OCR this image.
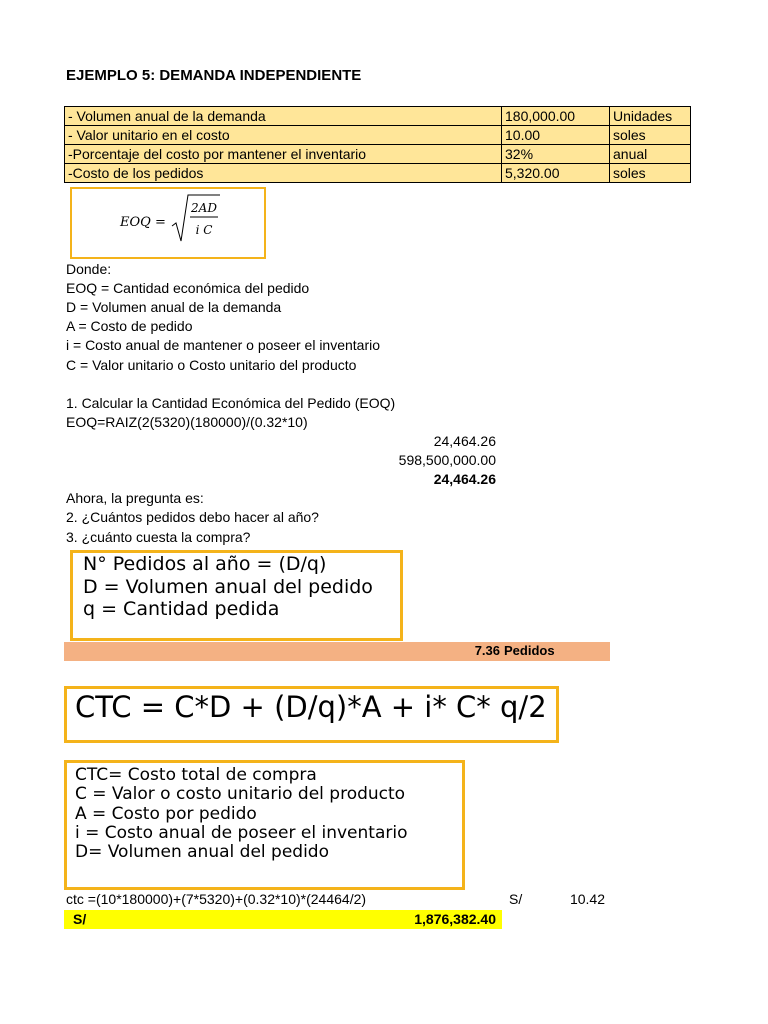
EJEMPLO 5: DEMANDA INDEPENDIENTE
- Volumen anual de la demanda	180,000.00	Unidades
- Valor unitario en el costo	10.00	soles
-Porcentaje del costo por mantener el inventario	32%	anual
-Costo de los pedidos	5,320.00	soles
EOQ =
2AD
i C
Donde:
EOQ = Cantidad económica del pedido
D = Volumen anual de la demanda
A = Costo de pedido
i = Costo anual de mantener o poseer el inventario
C = Valor unitario o Costo unitario del producto
1. Calcular la Cantidad Económica del Pedido (EOQ)
EOQ=RAIZ(2(5320)(180000)/(0.32*10)
24,464.26
598,500,000.00
24,464.26
Ahora, la pregunta es:
2. ¿Cuántos pedidos debo hacer al año?
3. ¿cuánto cuesta la compra?
N° Pedidos al año = (D/q)
D = Volumen anual del pedido
q = Cantidad pedida
7.36 Pedidos
CTC = C*D + (D/q)*A + i* C* q/2
CTC= Costo total de compra
C = Valor o costo unitario del producto
A = Costo por pedido
i = Costo anual de poseer el inventario
D= Volumen anual del pedido
ctc =(10*180000)+(7*5320)+(0.32*10)*(24464/2)	S/	10.42
S/	1,876,382.40
